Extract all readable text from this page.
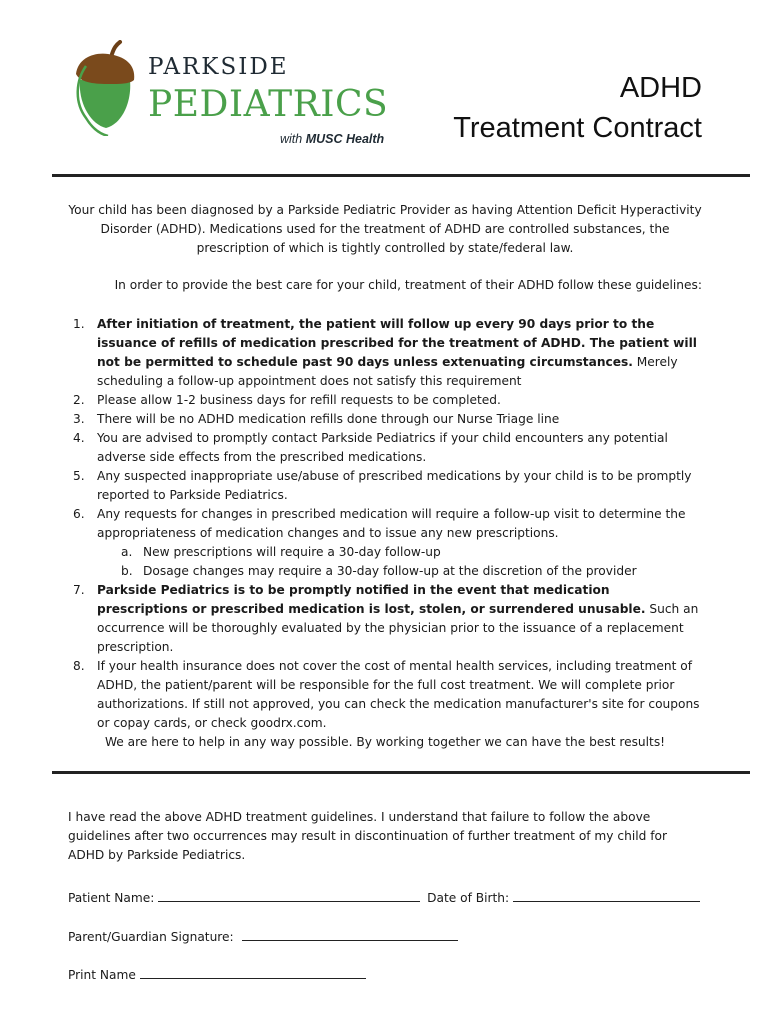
PARKSIDE
PEDIATRICS
with MUSC Health
ADHD
Treatment Contract
Your child has been diagnosed by a Parkside Pediatric Provider as having Attention Deficit Hyperactivity Disorder (ADHD). Medications used for the treatment of ADHD are controlled substances, the prescription of which is tightly controlled by state/federal law.
In order to provide the best care for your child, treatment of their ADHD follow these guidelines:
1.	After initiation of treatment, the patient will follow up every 90 days prior to the issuance of refills of medication prescribed for the treatment of ADHD. The patient will not be permitted to schedule past 90 days unless extenuating circumstances. Merely scheduling a follow-up appointment does not satisfy this requirement
2.	Please allow 1-2 business days for refill requests to be completed.
3.	There will be no ADHD medication refills done through our Nurse Triage line
4.	You are advised to promptly contact Parkside Pediatrics if your child encounters any potential adverse side effects from the prescribed medications.
5.	Any suspected inappropriate use/abuse of prescribed medications by your child is to be promptly reported to Parkside Pediatrics.
6.	Any requests for changes in prescribed medication will require a follow-up visit to determine the appropriateness of medication changes and to issue any new prescriptions.
a. New prescriptions will require a 30-day follow-up
b. Dosage changes may require a 30-day follow-up at the discretion of the provider
7.	Parkside Pediatrics is to be promptly notified in the event that medication prescriptions or prescribed medication is lost, stolen, or surrendered unusable. Such an occurrence will be thoroughly evaluated by the physician prior to the issuance of a replacement prescription.
8.	If your health insurance does not cover the cost of mental health services, including treatment of ADHD, the patient/parent will be responsible for the full cost treatment. We will complete prior authorizations. If still not approved, you can check the medication manufacturer's site for coupons or copay cards, or check goodrx.com.
We are here to help in any way possible. By working together we can have the best results!
I have read the above ADHD treatment guidelines. I understand that failure to follow the above guidelines after two occurrences may result in discontinuation of further treatment of my child for ADHD by Parkside Pediatrics.
Patient Name:	Date of Birth:
Parent/Guardian Signature:
Print Name
